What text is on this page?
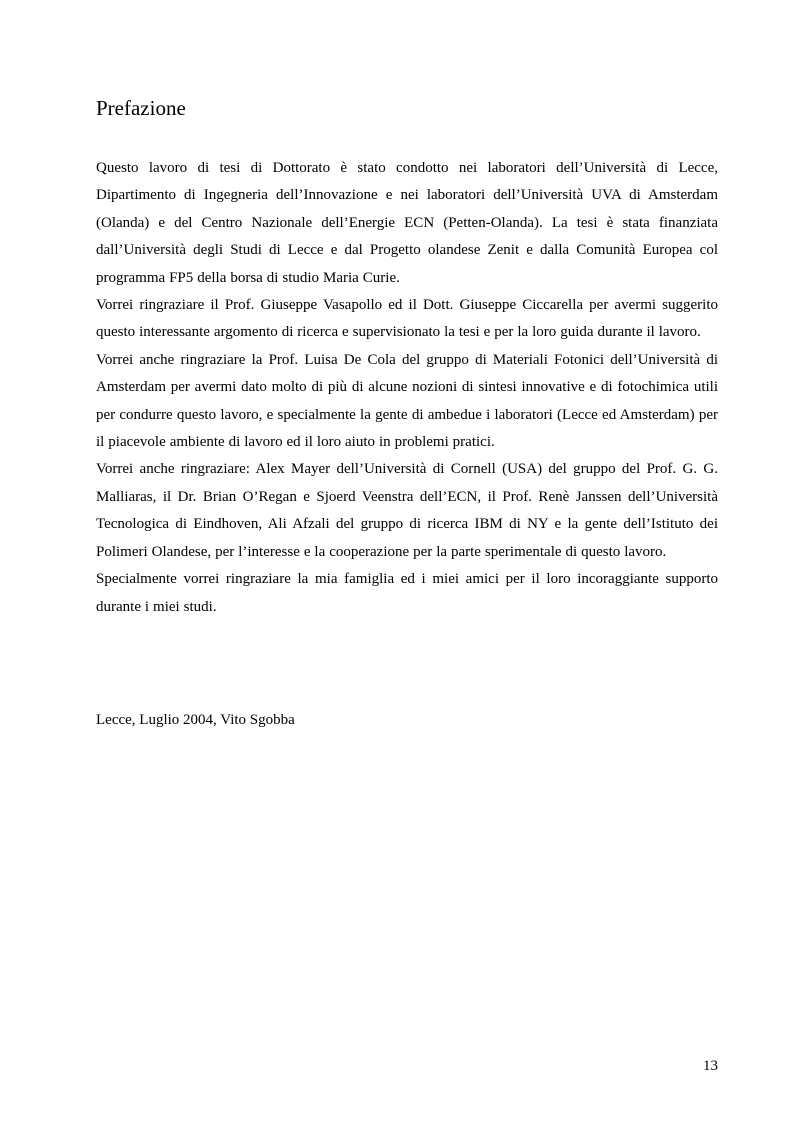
Prefazione

Questo lavoro di tesi di Dottorato è stato condotto nei laboratori dell’Università di Lecce, Dipartimento di Ingegneria dell’Innovazione e nei laboratori dell’Università UVA di Amsterdam (Olanda) e del Centro Nazionale dell’Energie ECN (Petten-Olanda). La tesi è stata finanziata dall’Università degli Studi di Lecce e dal Progetto olandese Zenit e dalla Comunità Europea col programma FP5 della borsa di studio Maria Curie.

Vorrei ringraziare il Prof. Giuseppe Vasapollo ed il Dott. Giuseppe Ciccarella per avermi suggerito questo interessante argomento di ricerca e supervisionato la tesi e per la loro guida durante il lavoro.

Vorrei anche ringraziare la Prof. Luisa De Cola del gruppo di Materiali Fotonici dell’Università di Amsterdam per avermi dato molto di più di alcune nozioni di sintesi innovative e di fotochimica utili per condurre questo lavoro, e specialmente la gente di ambedue i laboratori (Lecce ed Amsterdam) per il piacevole ambiente di lavoro ed il loro aiuto in problemi pratici.

Vorrei anche ringraziare: Alex Mayer dell’Università di Cornell (USA) del gruppo del Prof. G. G. Malliaras, il Dr. Brian O’Regan e Sjoerd Veenstra dell’ECN, il Prof. Renè Janssen dell’Università Tecnologica di Eindhoven, Ali Afzali del gruppo di ricerca IBM di NY e la gente dell’Istituto dei Polimeri Olandese, per l’interesse e la cooperazione per la parte sperimentale di questo lavoro.

Specialmente vorrei ringraziare la mia famiglia ed i miei amici per il loro incoraggiante supporto durante i miei studi.

Lecce, Luglio 2004, Vito Sgobba

13
